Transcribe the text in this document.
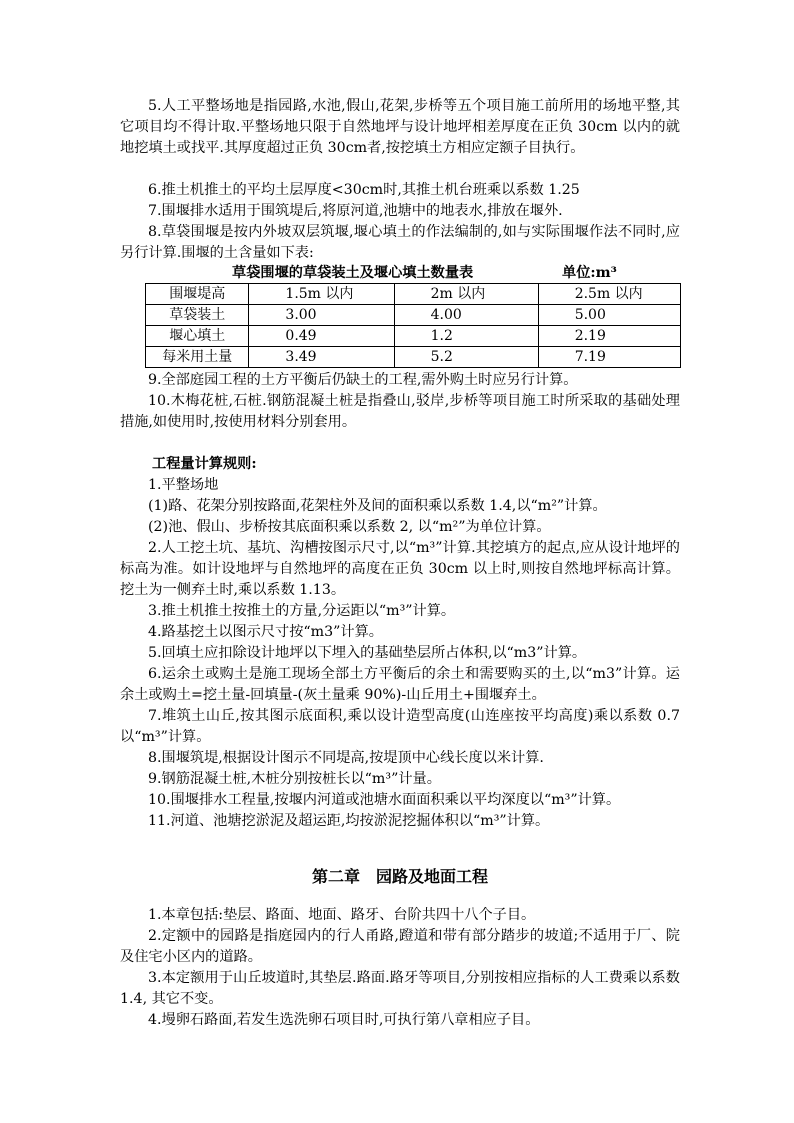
5.人工平整场地是指园路,水池,假山,花架,步桥等五个项目施工前所用的场地平整,其它项目均不得计取.平整场地只限于自然地坪与设计地坪相差厚度在正负 30cm 以内的就地挖填土或找平.其厚度超过正负 30cm者,按挖填土方相应定额子目执行。
6.推土机推土的平均土层厚度<30cm时,其推土机台班乘以系数 1.25
7.围堰排水适用于围筑堤后,将原河道,池塘中的地表水,排放在堰外.
8.草袋围堰是按内外坡双层筑堰,堰心填土的作法编制的,如与实际围堰作法不同时,应另行计算.围堰的土含量如下表:
草袋围堰的草袋装土及堰心填土数量表	单位:m³
围堰堤高	1.5m 以内	2m 以内	2.5m 以内
草袋装土	3.00	4.00	5.00
堰心填土	0.49	1.2	2.19
每米用土量	3.49	5.2	7.19
9.全部庭园工程的土方平衡后仍缺土的工程,需外购土时应另行计算。
10.木梅花桩,石桩.钢筋混凝土桩是指叠山,驳岸,步桥等项目施工时所采取的基础处理措施,如使用时,按使用材料分别套用。
工程量计算规则:
1.平整场地
(1)路、花架分别按路面,花架柱外及间的面积乘以系数 1.4,以“m²”计算。
(2)池、假山、步桥按其底面积乘以系数 2, 以“m²”为单位计算。
2.人工挖土坑、基坑、沟槽按图示尺寸,以“m³”计算.其挖填方的起点,应从设计地坪的标高为准。如计设地坪与自然地坪的高度在正负 30cm 以上时,则按自然地坪标高计算。挖土为一侧弃土时,乘以系数 1.13。
3.推土机推土按推土的方量,分运距以“m³”计算。
4.路基挖土以图示尺寸按“m3”计算。
5.回填土应扣除设计地坪以下埋入的基础垫层所占体积,以“m3”计算。
6.运余土或购土是施工现场全部土方平衡后的余土和需要购买的土,以“m3”计算。运余土或购土=挖土量-回填量-(灰土量乘 90%)-山丘用土+围堰弃土。
7.堆筑土山丘,按其图示底面积,乘以设计造型高度(山连座按平均高度)乘以系数 0.7 以“m³”计算。
8.围堰筑堤,根据设计图示不同堤高,按堤顶中心线长度以米计算.
9.钢筋混凝土桩,木桩分别按桩长以“m³”计量。
10.围堰排水工程量,按堰内河道或池塘水面面积乘以平均深度以“m³”计算。
11.河道、池塘挖淤泥及超运距,均按淤泥挖掘体积以“m³”计算。
第二章　园路及地面工程
1.本章包括:垫层、路面、地面、路牙、台阶共四十八个子目。
2.定额中的园路是指庭园内的行人甬路,蹬道和带有部分踏步的坡道;不适用于厂、院及住宅小区内的道路。
3.本定额用于山丘坡道时,其垫层.路面.路牙等项目,分别按相应指标的人工费乘以系数 1.4, 其它不变。
4.墁卵石路面,若发生选洗卵石项目时,可执行第八章相应子目。
